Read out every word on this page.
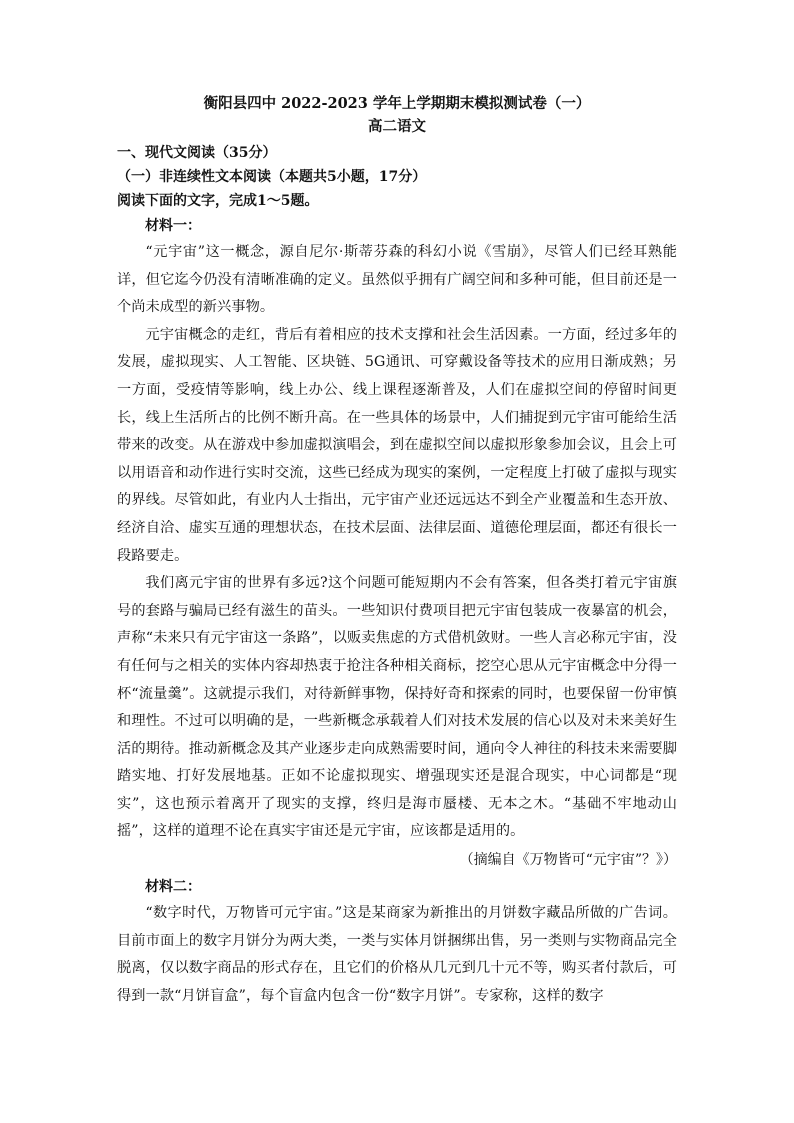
衡阳县四中 2022-2023 学年上学期期末模拟测试卷（一）

高二语文

一、现代文阅读（35分）

（一）非连续性文本阅读（本题共5小题，17分）

阅读下面的文字，完成1～5题。

材料一：

“元宇宙”这一概念，源自尼尔·斯蒂芬森的科幻小说《雪崩》，尽管人们已经耳熟能详，但它迄今仍没有清晰准确的定义。虽然似乎拥有广阔空间和多种可能，但目前还是一个尚未成型的新兴事物。

元宇宙概念的走红，背后有着相应的技术支撑和社会生活因素。一方面，经过多年的发展，虚拟现实、人工智能、区块链、5G通讯、可穿戴设备等技术的应用日渐成熟；另一方面，受疫情等影响，线上办公、线上课程逐渐普及，人们在虚拟空间的停留时间更长，线上生活所占的比例不断升高。在一些具体的场景中，人们捕捉到元宇宙可能给生活带来的改变。从在游戏中参加虚拟演唱会，到在虚拟空间以虚拟形象参加会议，且会上可以用语音和动作进行实时交流，这些已经成为现实的案例，一定程度上打破了虚拟与现实的界线。尽管如此，有业内人士指出，元宇宙产业还远远达不到全产业覆盖和生态开放、经济自洽、虚实互通的理想状态，在技术层面、法律层面、道德伦理层面，都还有很长一段路要走。

我们离元宇宙的世界有多远?这个问题可能短期内不会有答案，但各类打着元宇宙旗号的套路与骗局已经有滋生的苗头。一些知识付费项目把元宇宙包装成一夜暴富的机会，声称“未来只有元宇宙这一条路”，以贩卖焦虑的方式借机敛财。一些人言必称元宇宙，没有任何与之相关的实体内容却热衷于抢注各种相关商标，挖空心思从元宇宙概念中分得一杯“流量羹”。这就提示我们，对待新鲜事物，保持好奇和探索的同时，也要保留一份审慎和理性。不过可以明确的是，一些新概念承载着人们对技术发展的信心以及对未来美好生活的期待。推动新概念及其产业逐步走向成熟需要时间，通向令人神往的科技未来需要脚踏实地、打好发展地基。正如不论虚拟现实、增强现实还是混合现实，中心词都是“现实”，这也预示着离开了现实的支撑，终归是海市蜃楼、无本之木。“基础不牢地动山摇”，这样的道理不论在真实宇宙还是元宇宙，应该都是适用的。

（摘编自《万物皆可“元宇宙”？》）

材料二：

“数字时代，万物皆可元宇宙。”这是某商家为新推出的月饼数字藏品所做的广告词。目前市面上的数字月饼分为两大类，一类与实体月饼捆绑出售，另一类则与实物商品完全脱离，仅以数字商品的形式存在，且它们的价格从几元到几十元不等，购买者付款后，可得到一款“月饼盲盒”，每个盲盒内包含一份“数字月饼”。专家称，这样的数字
